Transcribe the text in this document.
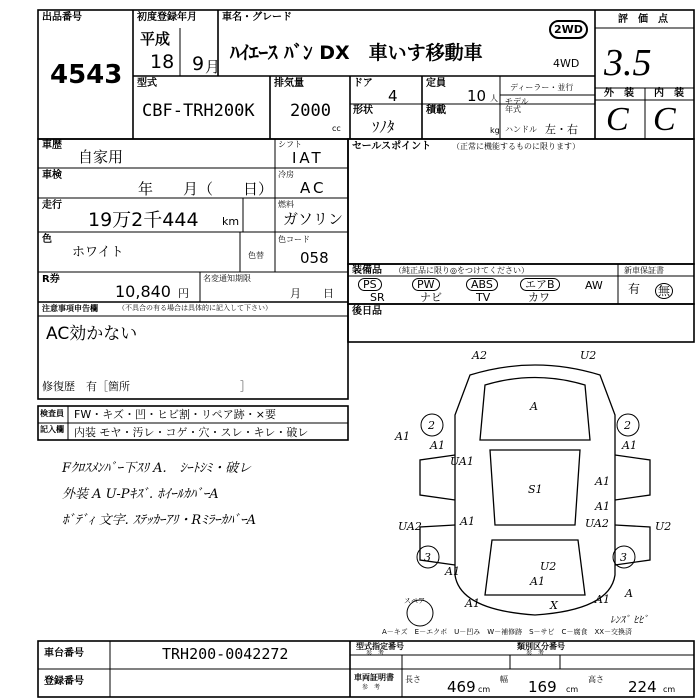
出品番号
4543
初度登録年月
平成
18 9 月
車名・グレード
ﾊｲｴｰｽ ﾊﾞﾝ DX　車いす移動車
2WD
4WD
評　価　点
3.5
外　装 内　装
C C
型式
CBF-TRH200K
排気量
2000
cc
ドア
4
定員
10 人
ディーラー・並行
形状
ｿﾉﾀ
積載
kg
モデル年式
ハンドル 左・右
車歴
自家用
シフト
IAT
車検
年　　月（　　日）
冷房
AC
走行
19万2千444 km
燃料
ガソリン
色
ホワイト	色替
色コード
058
R券
10,840 円
名変通知期限
月　　日
注意事項申告欄	（不具合の有る場合は具体的に記入して下さい）
AC効かない
修復歴 有［箇所　　　　　　　　　　］
セールスポイント	（正常に機能するものに限ります）
装備品 （純正品に限り◎をつけてください）
PS	PW	ABS	エアB	AW
SR	ナビ	TV	カワ
新車保証書
有 無
後日品
検査員
記入欄
FW・キズ・凹・ヒビ割・リペア跡・×要
内装 モヤ・汚レ・コゲ・穴・スレ・キレ・破レ
Fｸﾛｽﾒﾝﾊﾞｰ下ｽﾘ A.　ｼｰﾄｼﾐ・破レ
外装 A U-Pｷｽﾞ. ﾎｲｰﾙｶﾊﾞｰA
ﾎﾞﾃﾞｨ 文字. ｽﾃｯｶｰｱﾘ・RﾐﾗｰｶﾊﾞｰA
A2	U2
A
A1	A1
A1
UA1
A1
S1
A1
A1
UA2	U2
UA2
A1
A1
A1
A1
U2
2	2
3	3
A
X
ﾚﾝｽﾞ ﾋﾋﾞ
スペア
A－キズ　E－エクボ　U－凹み　W－補修跡　S－サビ　C－腐食　XX－交換済
車台番号	TRH200-0042272
登録番号
型式指定番号
参　考
類別区分番号
参　考
車両証明書
参　考
長さ 469 cm
幅 169 cm
高さ 224 cm
